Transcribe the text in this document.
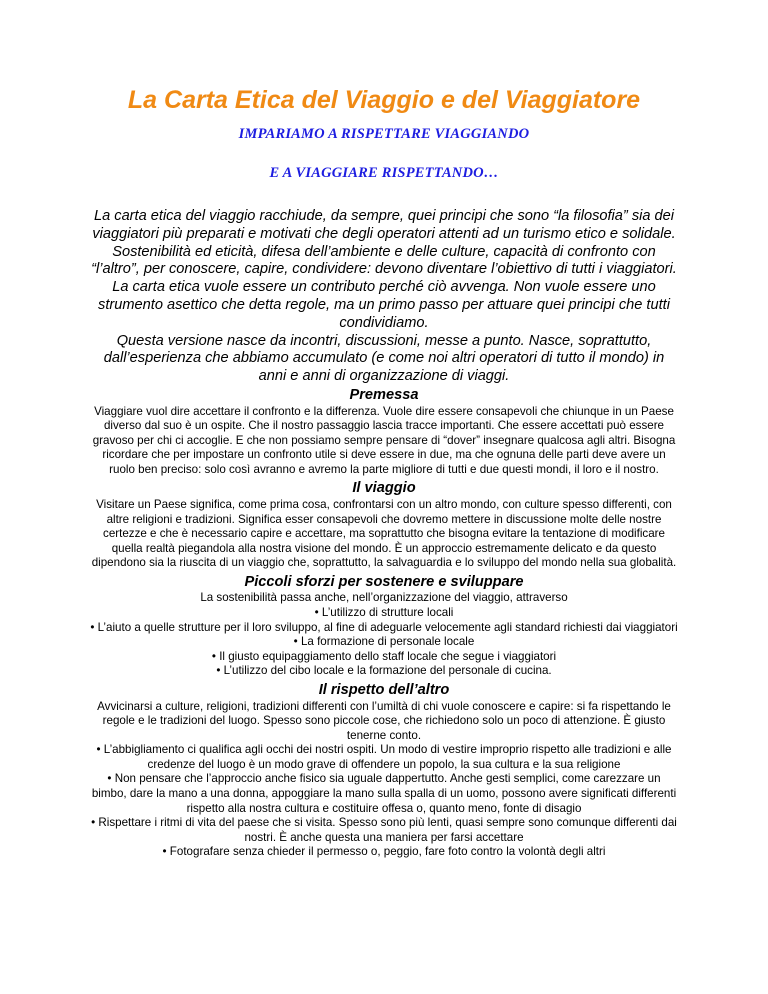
La Carta Etica del Viaggio e del Viaggiatore

IMPARIAMO A RISPETTARE VIAGGIANDO

E A VIAGGIARE RISPETTANDO…

La carta etica del viaggio racchiude, da sempre, quei principi che sono “la filosofia” sia dei viaggiatori più preparati e motivati che degli operatori attenti ad un turismo etico e solidale. Sostenibilità ed eticità, difesa dell’ambiente e delle culture, capacità di confronto con “l’altro”, per conoscere, capire, condividere: devono diventare l’obiettivo di tutti i viaggiatori.

La carta etica vuole essere un contributo perché ciò avvenga. Non vuole essere uno strumento asettico che detta regole, ma un primo passo per attuare quei principi che tutti condividiamo.

Questa versione nasce da incontri, discussioni, messe a punto. Nasce, soprattutto, dall’esperienza che abbiamo accumulato (e come noi altri operatori di tutto il mondo) in anni e anni di organizzazione di viaggi.

Premessa

Viaggiare vuol dire accettare il confronto e la differenza. Vuole dire essere consapevoli che chiunque in un Paese diverso dal suo è un ospite. Che il nostro passaggio lascia tracce importanti. Che essere accettati può essere gravoso per chi ci accoglie. E che non possiamo sempre pensare di “dover” insegnare qualcosa agli altri. Bisogna ricordare che per impostare un confronto utile si deve essere in due, ma che ognuna delle parti deve avere un ruolo ben preciso: solo così avranno e avremo la parte migliore di tutti e due questi mondi, il loro e il nostro.

Il viaggio

Visitare un Paese significa, come prima cosa, confrontarsi con un altro mondo, con culture spesso differenti, con altre religioni e tradizioni. Significa esser consapevoli che dovremo mettere in discussione molte delle nostre certezze e che è necessario capire e accettare, ma soprattutto che bisogna evitare la tentazione di modificare quella realtà piegandola alla nostra visione del mondo. È un approccio estremamente delicato e da questo dipendono sia la riuscita di un viaggio che, soprattutto, la salvaguardia e lo sviluppo del mondo nella sua globalità.

Piccoli sforzi per sostenere e sviluppare

La sostenibilità passa anche, nell’organizzazione del viaggio, attraverso

• L’utilizzo di strutture locali

• L’aiuto a quelle strutture per il loro sviluppo, al fine di adeguarle velocemente agli standard richiesti dai viaggiatori

• La formazione di personale locale

• Il giusto equipaggiamento dello staff locale che segue i viaggiatori

• L’utilizzo del cibo locale e la formazione del personale di cucina.

Il rispetto dell’altro

Avvicinarsi a culture, religioni, tradizioni differenti con l’umiltà di chi vuole conoscere e capire: si fa rispettando le regole e le tradizioni del luogo. Spesso sono piccole cose, che richiedono solo un poco di attenzione. È giusto tenerne conto.

• L’abbigliamento ci qualifica agli occhi dei nostri ospiti. Un modo di vestire improprio rispetto alle tradizioni e alle credenze del luogo è un modo grave di offendere un popolo, la sua cultura e la sua religione

• Non pensare che l’approccio anche fisico sia uguale dappertutto. Anche gesti semplici, come carezzare un bimbo, dare la mano a una donna, appoggiare la mano sulla spalla di un uomo, possono avere significati differenti rispetto alla nostra cultura e costituire offesa o, quanto meno, fonte di disagio

• Rispettare i ritmi di vita del paese che si visita. Spesso sono più lenti, quasi sempre sono comunque differenti dai nostri. È anche questa una maniera per farsi accettare

• Fotografare senza chieder il permesso o, peggio, fare foto contro la volontà degli altri
